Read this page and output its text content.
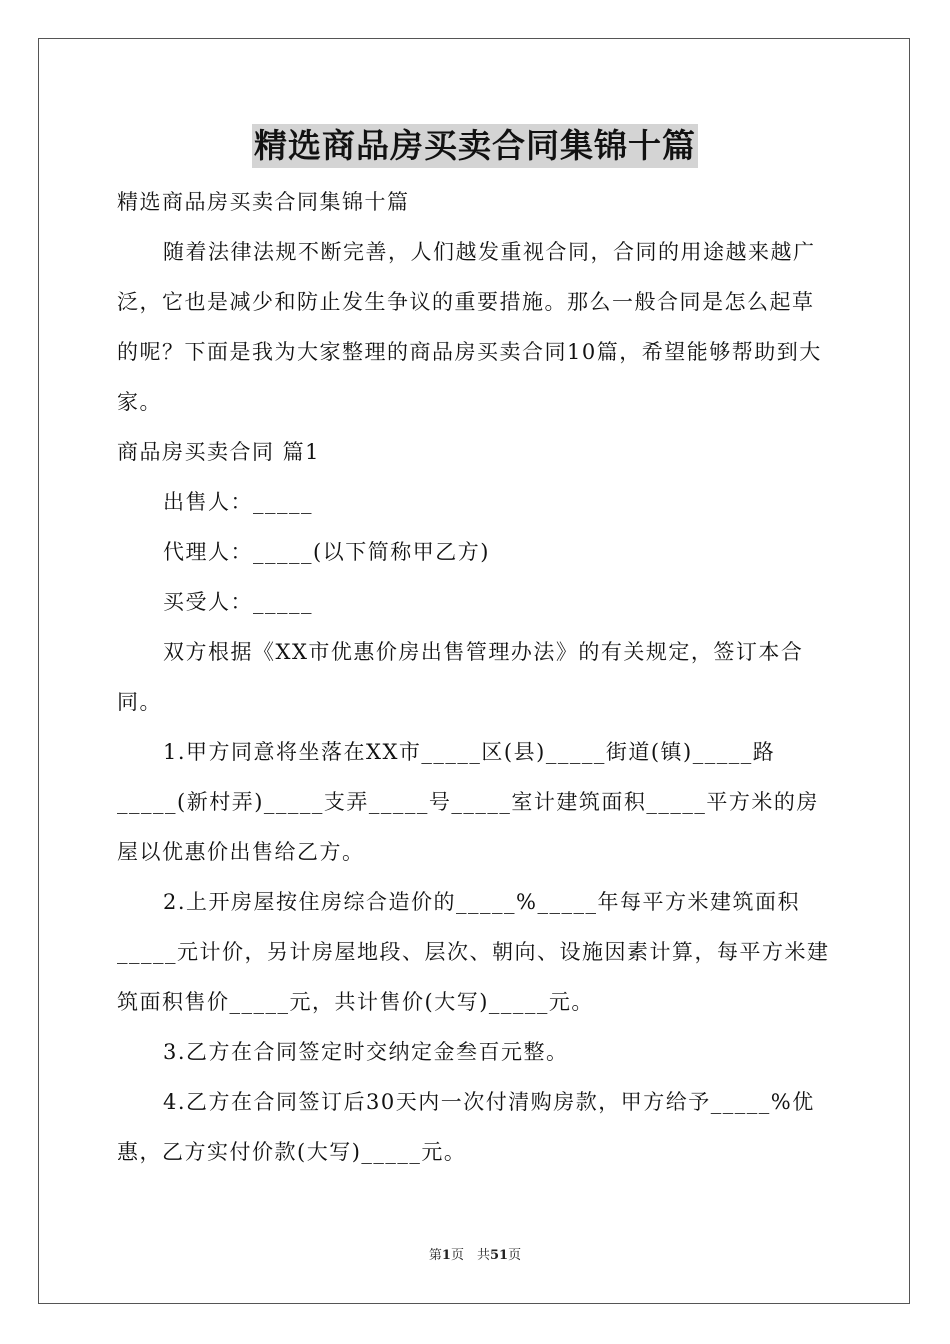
精选商品房买卖合同集锦十篇

精选商品房买卖合同集锦十篇

随着法律法规不断完善，人们越发重视合同，合同的用途越来越广泛，它也是减少和防止发生争议的重要措施。那么一般合同是怎么起草的呢？下面是我为大家整理的商品房买卖合同10篇，希望能够帮助到大家。

商品房买卖合同 篇1

出售人：_____

代理人：_____(以下简称甲乙方)

买受人：_____

双方根据《XX市优惠价房出售管理办法》的有关规定，签订本合同。

1.甲方同意将坐落在XX市_____区(县)_____街道(镇)_____路_____(新村弄)_____支弄_____号_____室计建筑面积_____平方米的房屋以优惠价出售给乙方。

2.上开房屋按住房综合造价的_____%_____年每平方米建筑面积_____元计价，另计房屋地段、层次、朝向、设施因素计算，每平方米建筑面积售价_____元，共计售价(大写)_____元。

3.乙方在合同签定时交纳定金叁百元整。

4.乙方在合同签订后30天内一次付清购房款，甲方给予_____%优惠，乙方实付价款(大写)_____元。

第1页　共51页
